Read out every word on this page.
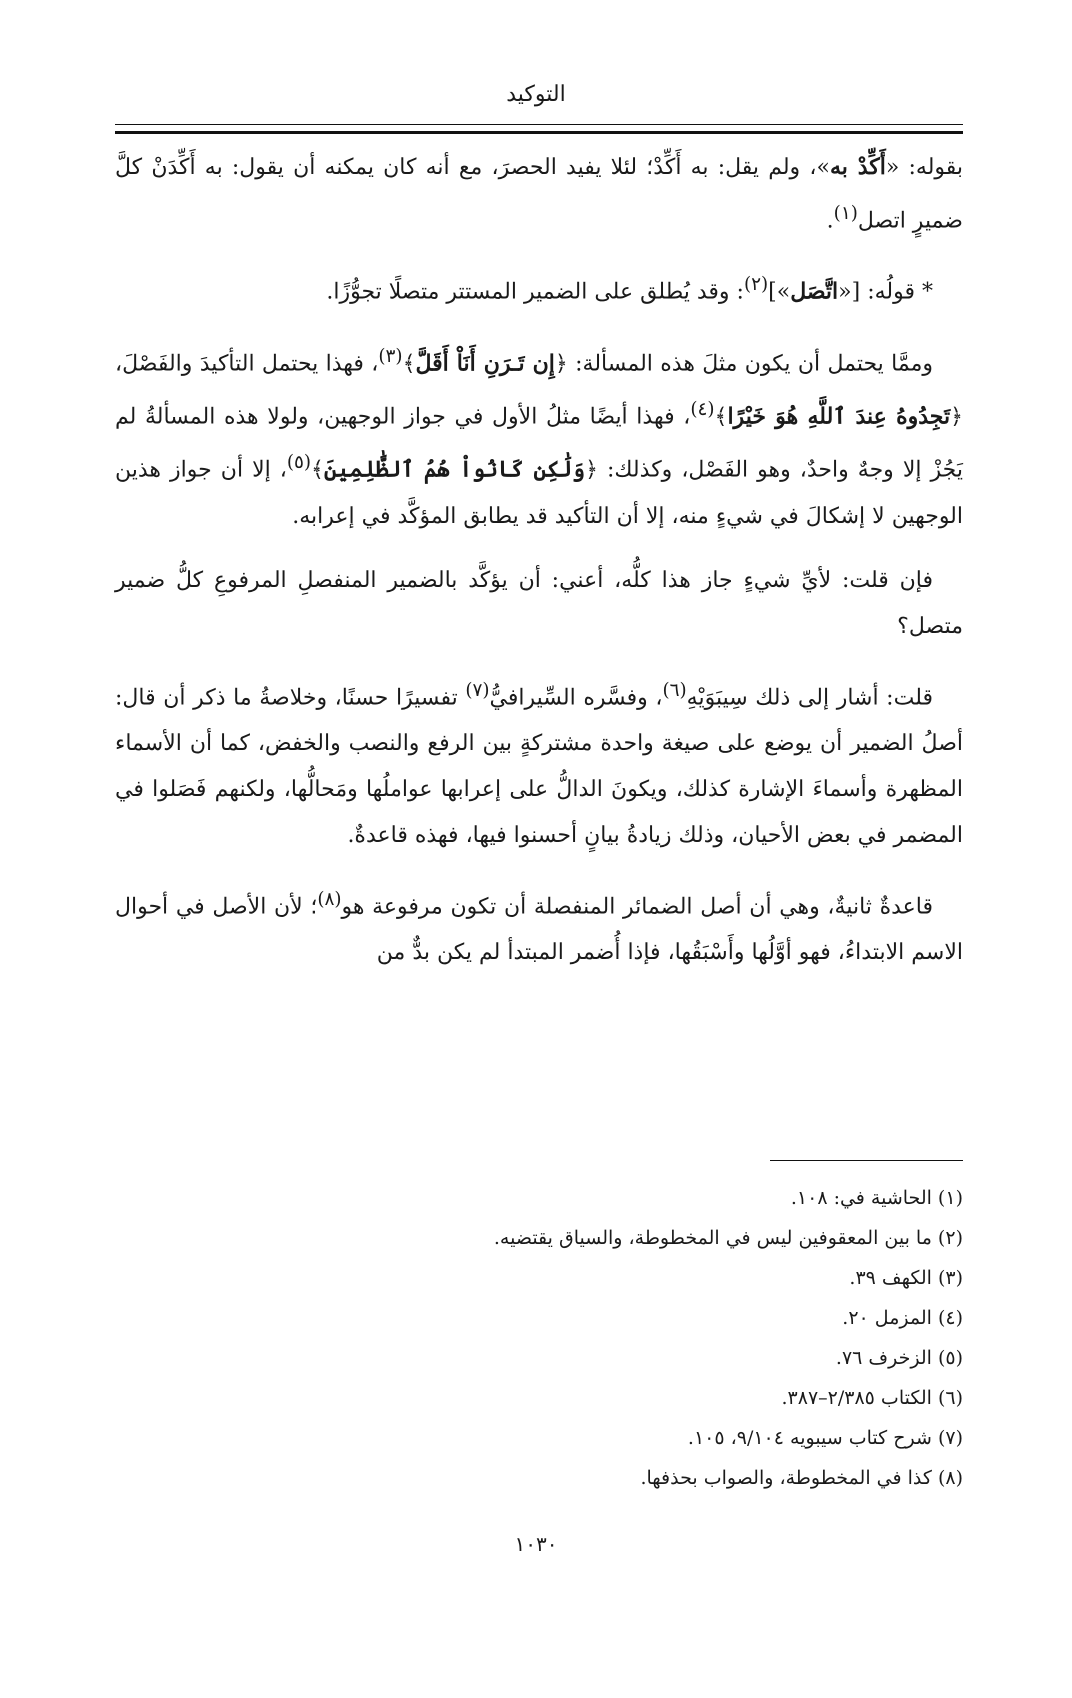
التوكيد

بقوله: «أَكِّدْ به»، ولم يقل: به أَكِّدْ؛ لئلا يفيد الحصرَ، مع أنه كان يمكنه أن يقول: به أَكِّدَنْ كلَّ ضميرٍ اتصل$^{(١)}$.

* قولُه: [«اتَّصَل»]$^{(٢)}$: وقد يُطلق على الضمير المستتر متصلًا تجوُّزًا.

وممَّا يحتمل أن يكون مثلَ هذه المسألة: ﴿إِن تَـرَنِ أَنَاْ أَقَلَّ﴾$^{(٣)}$، فهذا يحتمل التأكيدَ والفَصْلَ، ﴿تَجِدُوهُ عِندَ ٱللَّهِ هُوَ خَيْرًا﴾$^{(٤)}$، فهذا أيضًا مثلُ الأول في جواز الوجهين، ولولا هذه المسألةُ لم يَجُزْ إلا وجهٌ واحدٌ، وهو الفَصْل، وكذلك: ﴿وَلَٰكِن كَانُواْ هُمُ ٱلظَّٰلِمِينَ﴾$^{(٥)}$، إلا أن جواز هذين الوجهين لا إشكالَ في شيءٍ منه، إلا أن التأكيد قد يطابق المؤكَّد في إعرابه.

فإن قلت: لأيِّ شيءٍ جاز هذا كلُّه، أعني: أن يؤكَّد بالضمير المنفصلِ المرفوعِ كلُّ ضمير متصل؟

قلت: أشار إلى ذلك سِيبَوَيْهِ$^{(٦)}$، وفسَّره السِّيرافيُّ$^{(٧)}$ تفسيرًا حسنًا، وخلاصةُ ما ذكر أن قال: أصلُ الضمير أن يوضع على صيغة واحدة مشتركةٍ بين الرفع والنصب والخفض، كما أن الأسماء المظهرة وأسماءَ الإشارة كذلك، ويكونَ الدالُّ على إعرابها عواملُها ومَحالُّها، ولكنهم فَصَلوا في المضمر في بعض الأحيان، وذلك زيادةُ بيانٍ أحسنوا فيها، فهذه قاعدةٌ.

قاعدةٌ ثانيةٌ، وهي أن أصل الضمائر المنفصلة أن تكون مرفوعة هو$^{(٨)}$؛ لأن الأصل في أحوال الاسم الابتداءُ، فهو أوَّلُها وأَسْبَقُها، فإذا أُضمر المبتدأ لم يكن بدٌّ من

(١) الحاشية في: ١٠٨.
(٢) ما بين المعقوفين ليس في المخطوطة، والسياق يقتضيه.
(٣) الكهف ٣٩.
(٤) المزمل ٢٠.
(٥) الزخرف ٧٦.
(٦) الكتاب ٢/٣٨٥–٣٨٧.
(٧) شرح كتاب سيبويه ٩/١٠٤، ١٠٥.
(٨) كذا في المخطوطة، والصواب بحذفها.
١٠٣٠
